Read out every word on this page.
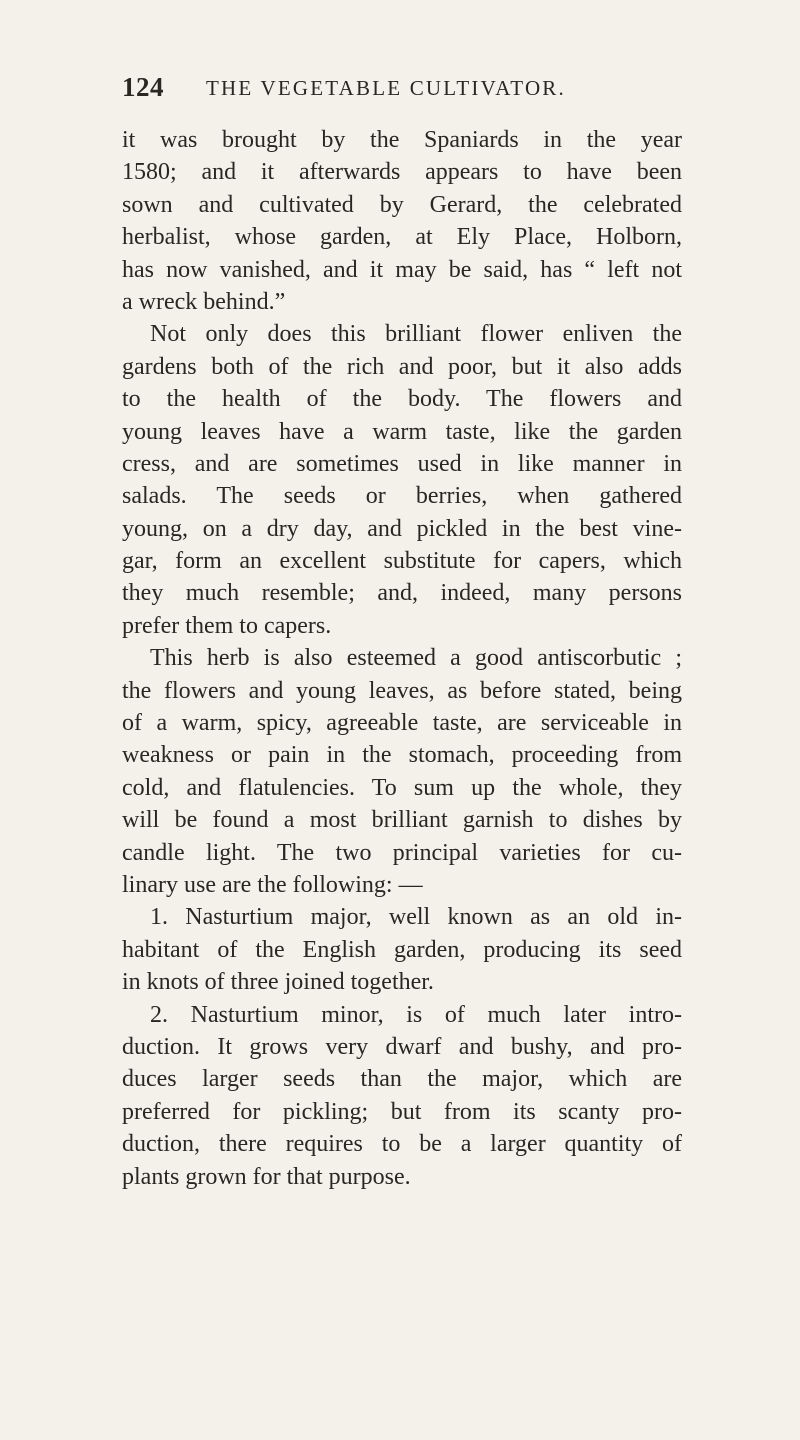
124 THE VEGETABLE CULTIVATOR.
it was brought by the Spaniards in the year
1580; and it afterwards appears to have been
sown and cultivated by Gerard, the celebrated
herbalist, whose garden, at Ely Place, Holborn,
has now vanished, and it may be said, has “ left not
a wreck behind.”
Not only does this brilliant flower enliven the
gardens both of the rich and poor, but it also adds
to the health of the body. The flowers and
young leaves have a warm taste, like the garden
cress, and are sometimes used in like manner in
salads. The seeds or berries, when gathered
young, on a dry day, and pickled in the best vine-
gar, form an excellent substitute for capers, which
they much resemble; and, indeed, many persons
prefer them to capers.
This herb is also esteemed a good antiscorbutic ;
the flowers and young leaves, as before stated, being
of a warm, spicy, agreeable taste, are serviceable in
weakness or pain in the stomach, proceeding from
cold, and flatulencies. To sum up the whole, they
will be found a most brilliant garnish to dishes by
candle light. The two principal varieties for cu-
linary use are the following: —
1. Nasturtium major, well known as an old in-
habitant of the English garden, producing its seed
in knots of three joined together.
2. Nasturtium minor, is of much later intro-
duction. It grows very dwarf and bushy, and pro-
duces larger seeds than the major, which are
preferred for pickling; but from its scanty pro-
duction, there requires to be a larger quantity of
plants grown for that purpose.
